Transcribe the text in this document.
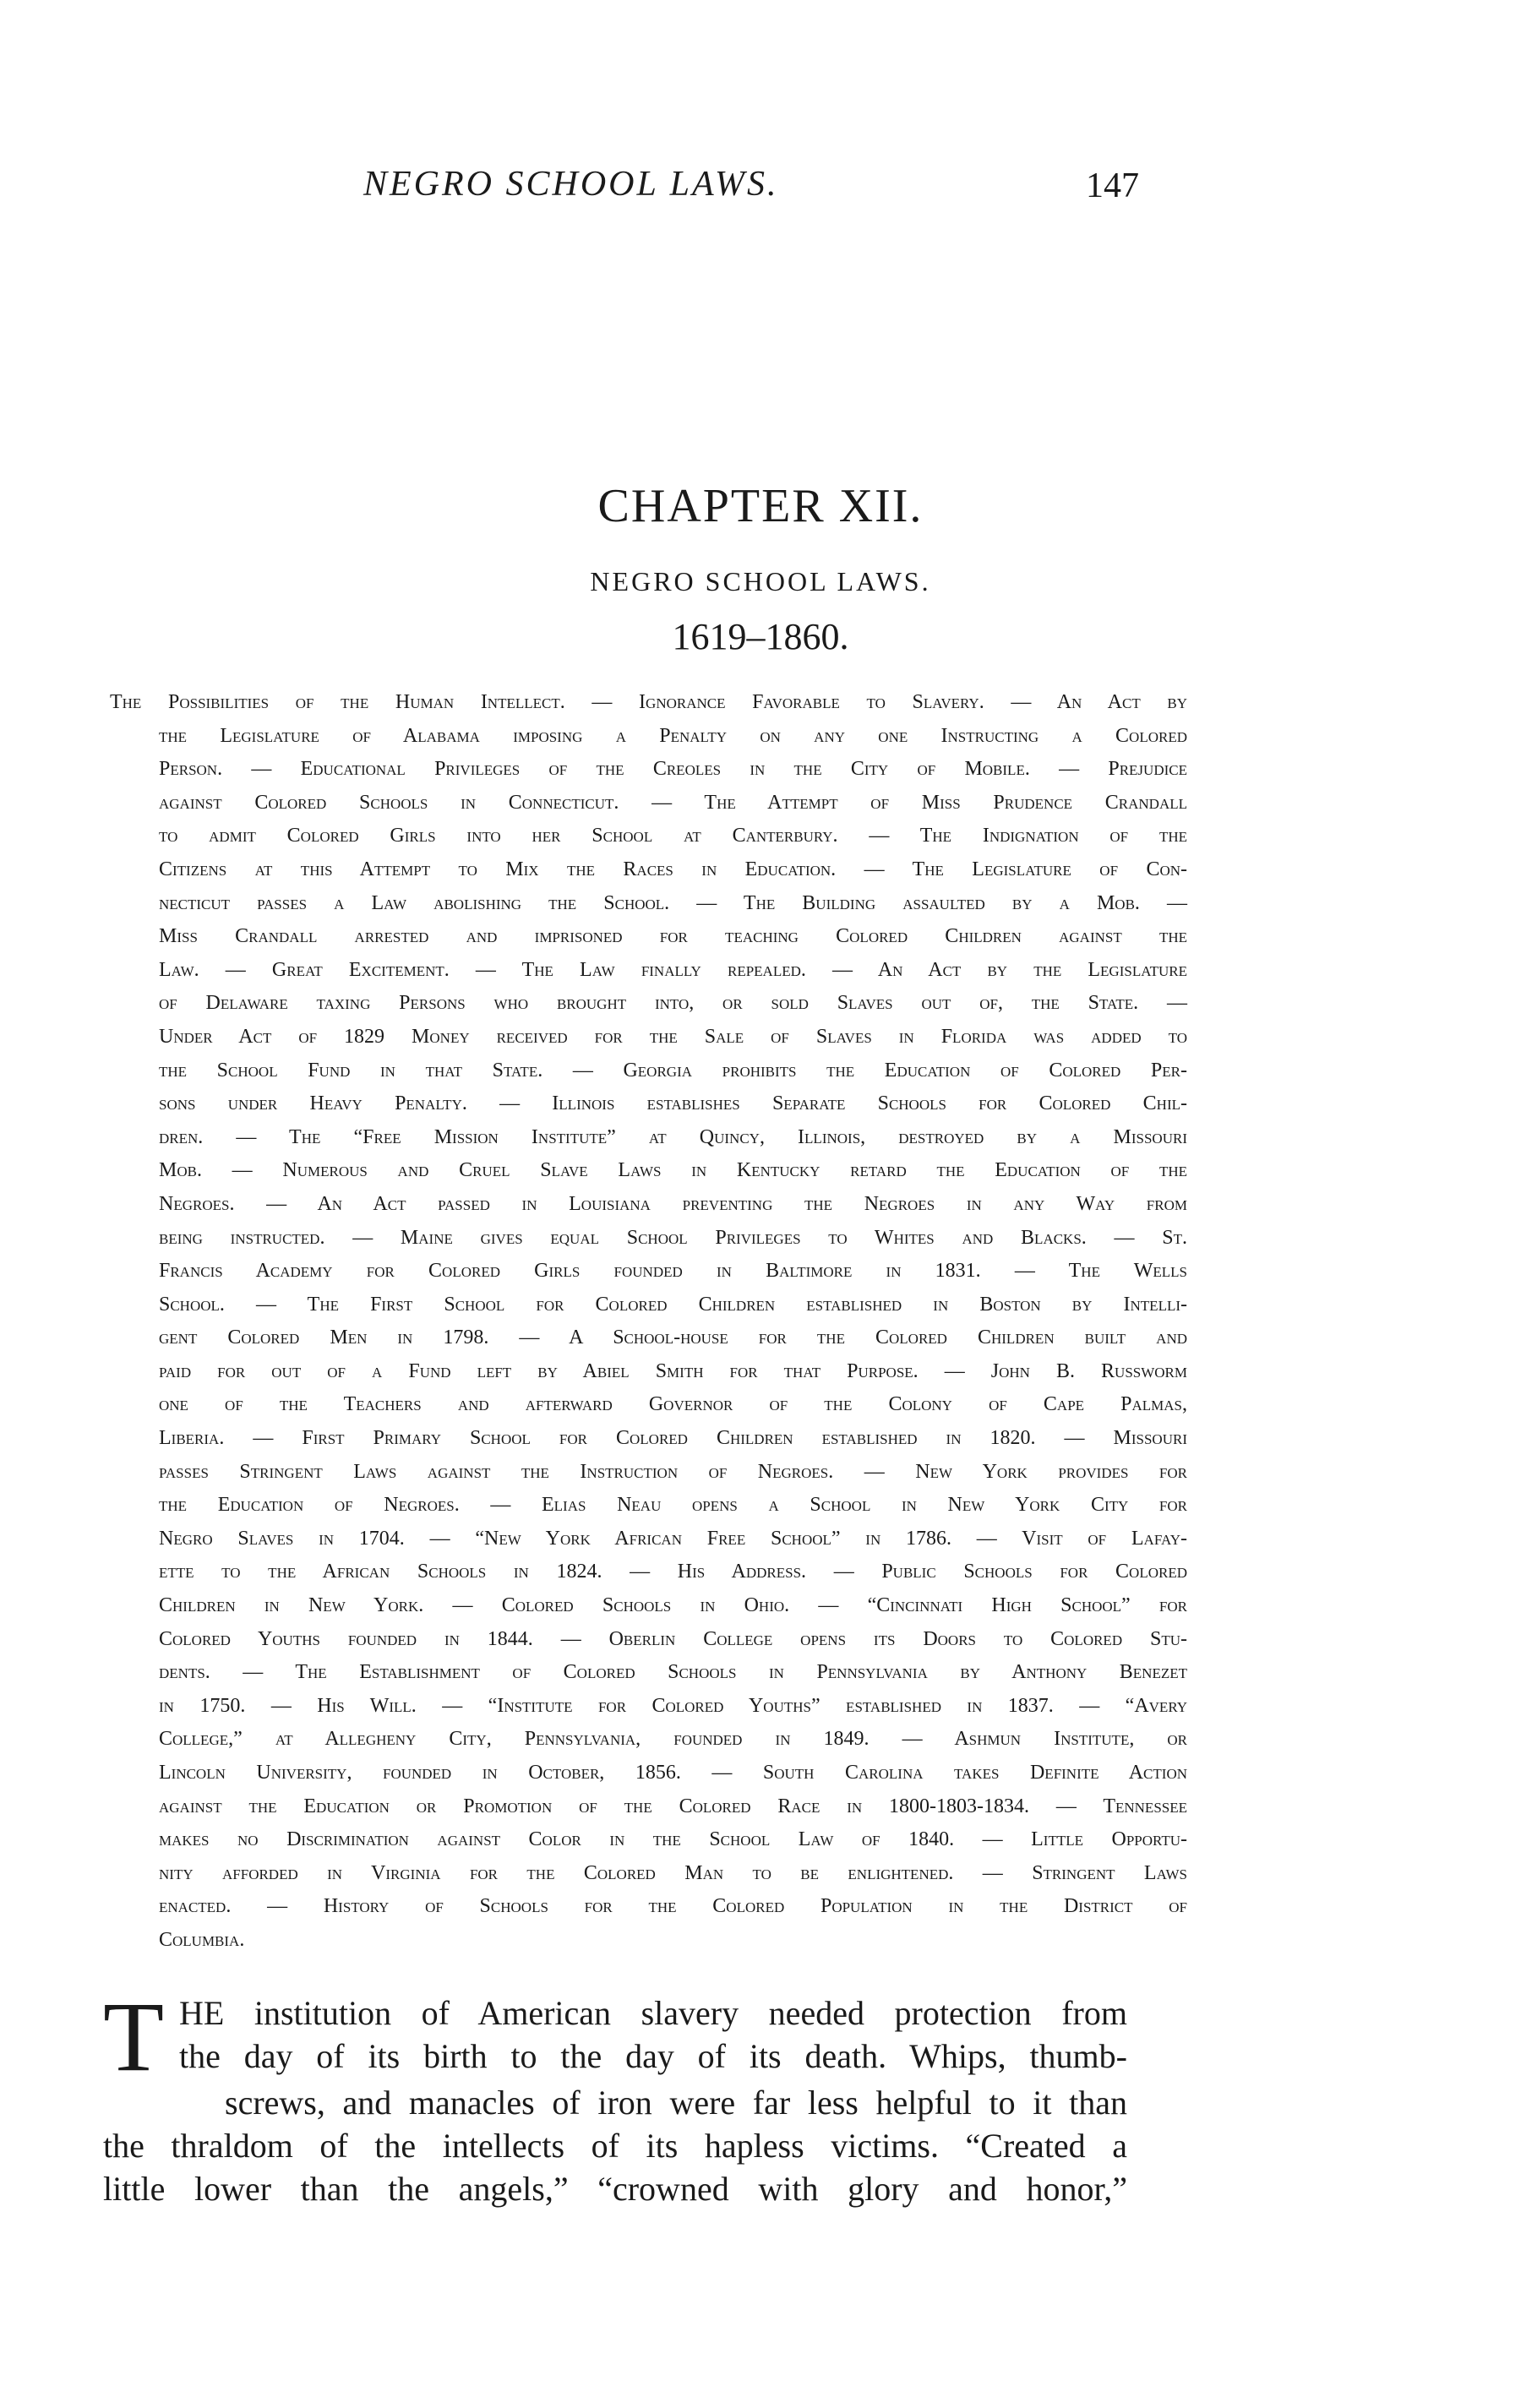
NEGRO SCHOOL LAWS.	147
CHAPTER XII.
NEGRO SCHOOL LAWS.
1619–1860.
The Possibilities of the Human Intellect. — Ignorance Favorable to Slavery. — An Act by
the Legislature of Alabama imposing a Penalty on any one Instructing a Colored
Person. — Educational Privileges of the Creoles in the City of Mobile. — Prejudice
against Colored Schools in Connecticut. — The Attempt of Miss Prudence Crandall
to admit Colored Girls into her School at Canterbury. — The Indignation of the
Citizens at this Attempt to Mix the Races in Education. — The Legislature of Con-
necticut passes a Law abolishing the School. — The Building assaulted by a Mob. —
Miss Crandall arrested and imprisoned for teaching Colored Children against the
Law. — Great Excitement. — The Law finally repealed. — An Act by the Legislature
of Delaware taxing Persons who brought into, or sold Slaves out of, the State. —
Under Act of 1829 Money received for the Sale of Slaves in Florida was added to
the School Fund in that State. — Georgia prohibits the Education of Colored Per-
sons under Heavy Penalty. — Illinois establishes Separate Schools for Colored Chil-
dren. — The “Free Mission Institute” at Quincy, Illinois, destroyed by a Missouri
Mob. — Numerous and Cruel Slave Laws in Kentucky retard the Education of the
Negroes. — An Act passed in Louisiana preventing the Negroes in any Way from
being instructed. — Maine gives equal School Privileges to Whites and Blacks. — St.
Francis Academy for Colored Girls founded in Baltimore in 1831. — The Wells
School. — The First School for Colored Children established in Boston by Intelli-
gent Colored Men in 1798. — A School-house for the Colored Children built and
paid for out of a Fund left by Abiel Smith for that Purpose. — John B. Russworm
one of the Teachers and afterward Governor of the Colony of Cape Palmas,
Liberia. — First Primary School for Colored Children established in 1820. — Missouri
passes Stringent Laws against the Instruction of Negroes. — New York provides for
the Education of Negroes. — Elias Neau opens a School in New York City for
Negro Slaves in 1704. — “New York African Free School” in 1786. — Visit of Lafay-
ette to the African Schools in 1824. — His Address. — Public Schools for Colored
Children in New York. — Colored Schools in Ohio. — “Cincinnati High School” for
Colored Youths founded in 1844. — Oberlin College opens its Doors to Colored Stu-
dents. — The Establishment of Colored Schools in Pennsylvania by Anthony Benezet
in 1750. — His Will. — “Institute for Colored Youths” established in 1837. — “Avery
College,” at Allegheny City, Pennsylvania, founded in 1849. — Ashmun Institute, or
Lincoln University, founded in October, 1856. — South Carolina takes Definite Action
against the Education or Promotion of the Colored Race in 1800-1803-1834. — Tennessee
makes no Discrimination against Color in the School Law of 1840. — Little Opportu-
nity afforded in Virginia for the Colored Man to be enlightened. — Stringent Laws
enacted. — History of Schools for the Colored Population in the District of
Columbia.
T HE institution of American slavery needed protection from
the day of its birth to the day of its death. Whips, thumb-
screws, and manacles of iron were far less helpful to it than
the thraldom of the intellects of its hapless victims. “Created a
little lower than the angels,” “crowned with glory and honor,”
